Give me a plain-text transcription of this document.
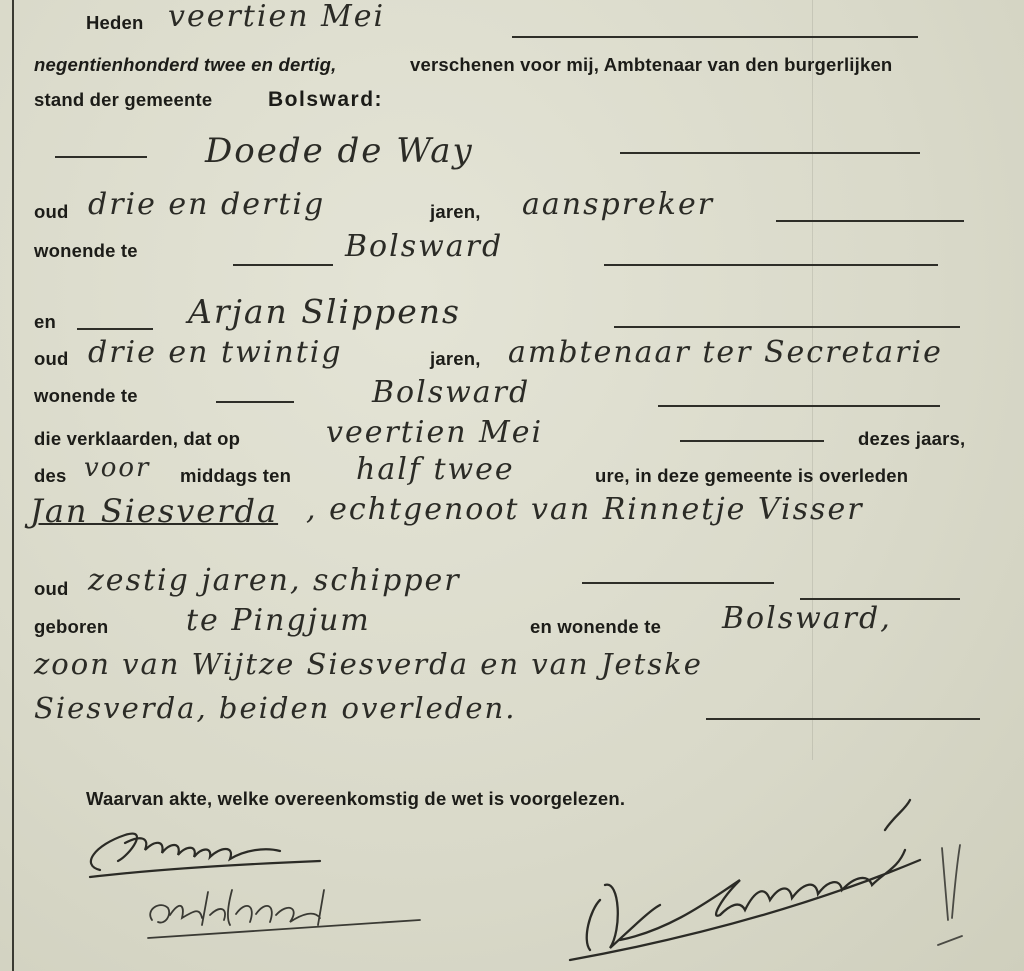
Heden veertien Mei
negentienhonderd twee en dertig,	verschenen voor mij, Ambtenaar van den burgerlijken
stand der gemeente	Bolsward:
Doede de Way
oud drie en dertig	jaren, aanspreker
wonende te	Bolsward
en	Arjan Slippens
oud drie en twintig	jaren, ambtenaar ter Secretarie
wonende te	Bolsward
die verklaarden, dat op	veertien Mei	dezes jaars,
des voor middags ten half twee	ure, in deze gemeente is overleden
Jan Siesverda , echtgenoot van Rinnetje Visser
oud zestig jaren, schipper
geboren	te Pingjum	en wonende te Bolsward,
zoon van Wijtze Siesverda en van Jetske
Siesverda, beiden overleden.
Waarvan akte, welke overeenkomstig de wet is voorgelezen.
